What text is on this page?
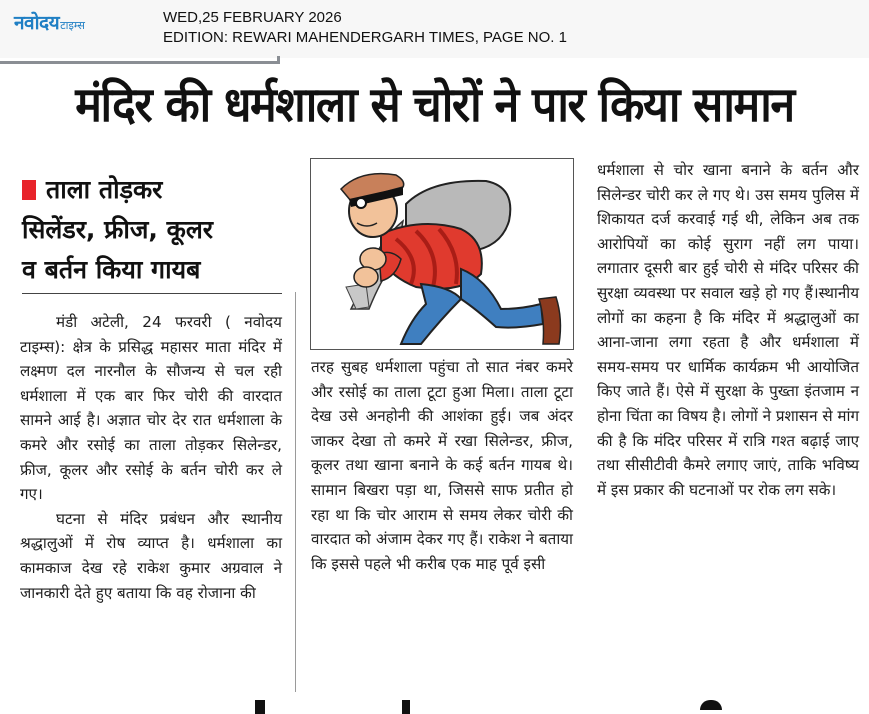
नवोदय टाइम्स	WED,25 FEBRUARY 2026
EDITION: REWARI MAHENDERGARH TIMES, PAGE NO. 1
मंदिर की धर्मशाला से चोरों ने पार किया सामान
ताला तोड़कर
सिलेंडर, फ्रीज, कूलर
व बर्तन किया गायब

मंडी अटेली, 24 फरवरी ( नवोदय टाइम्स): क्षेत्र के प्रसिद्ध महासर माता मंदिर में लक्ष्मण दल नारनौल के सौजन्य से चल रही धर्मशाला में एक बार फिर चोरी की वारदात सामने आई है। अज्ञात चोर देर रात धर्मशाला के कमरे और रसोई का ताला तोड़कर सिलेन्डर, फ्रीज, कूलर और रसोई के बर्तन चोरी कर ले गए।

घटना से मंदिर प्रबंधन और स्थानीय श्रद्धालुओं में रोष व्याप्त है। धर्मशाला का कामकाज देख रहे राकेश कुमार अग्रवाल ने जानकारी देते हुए बताया कि वह रोजाना की

तरह सुबह धर्मशाला पहुंचा तो सात नंबर कमरे और रसोई का ताला टूटा हुआ मिला। ताला टूटा देख उसे अनहोनी की आशंका हुई। जब अंदर जाकर देखा तो कमरे में रखा सिलेन्डर, फ्रीज, कूलर तथा खाना बनाने के कई बर्तन गायब थे। सामान बिखरा पड़ा था, जिससे साफ प्रतीत हो रहा था कि चोर आराम से समय लेकर चोरी की वारदात को अंजाम देकर गए हैं। राकेश ने बताया कि इससे पहले भी करीब एक माह पूर्व इसी

धर्मशाला से चोर खाना बनाने के बर्तन और सिलेन्डर चोरी कर ले गए थे। उस समय पुलिस में शिकायत दर्ज करवाई गई थी, लेकिन अब तक आरोपियों का कोई सुराग नहीं लग पाया। लगातार दूसरी बार हुई चोरी से मंदिर परिसर की सुरक्षा व्यवस्था पर सवाल खड़े हो गए हैं।स्थानीय लोगों का कहना है कि मंदिर में श्रद्धालुओं का आना-जाना लगा रहता है और धर्मशाला में समय-समय पर धार्मिक कार्यक्रम भी आयोजित किए जाते हैं। ऐसे में सुरक्षा के पुख्ता इंतजाम न होना चिंता का विषय है। लोगों ने प्रशासन से मांग की है कि मंदिर परिसर में रात्रि गश्त बढ़ाई जाए तथा सीसीटीवी कैमरे लगाए जाएं, ताकि भविष्य में इस प्रकार की घटनाओं पर रोक लग सके।
